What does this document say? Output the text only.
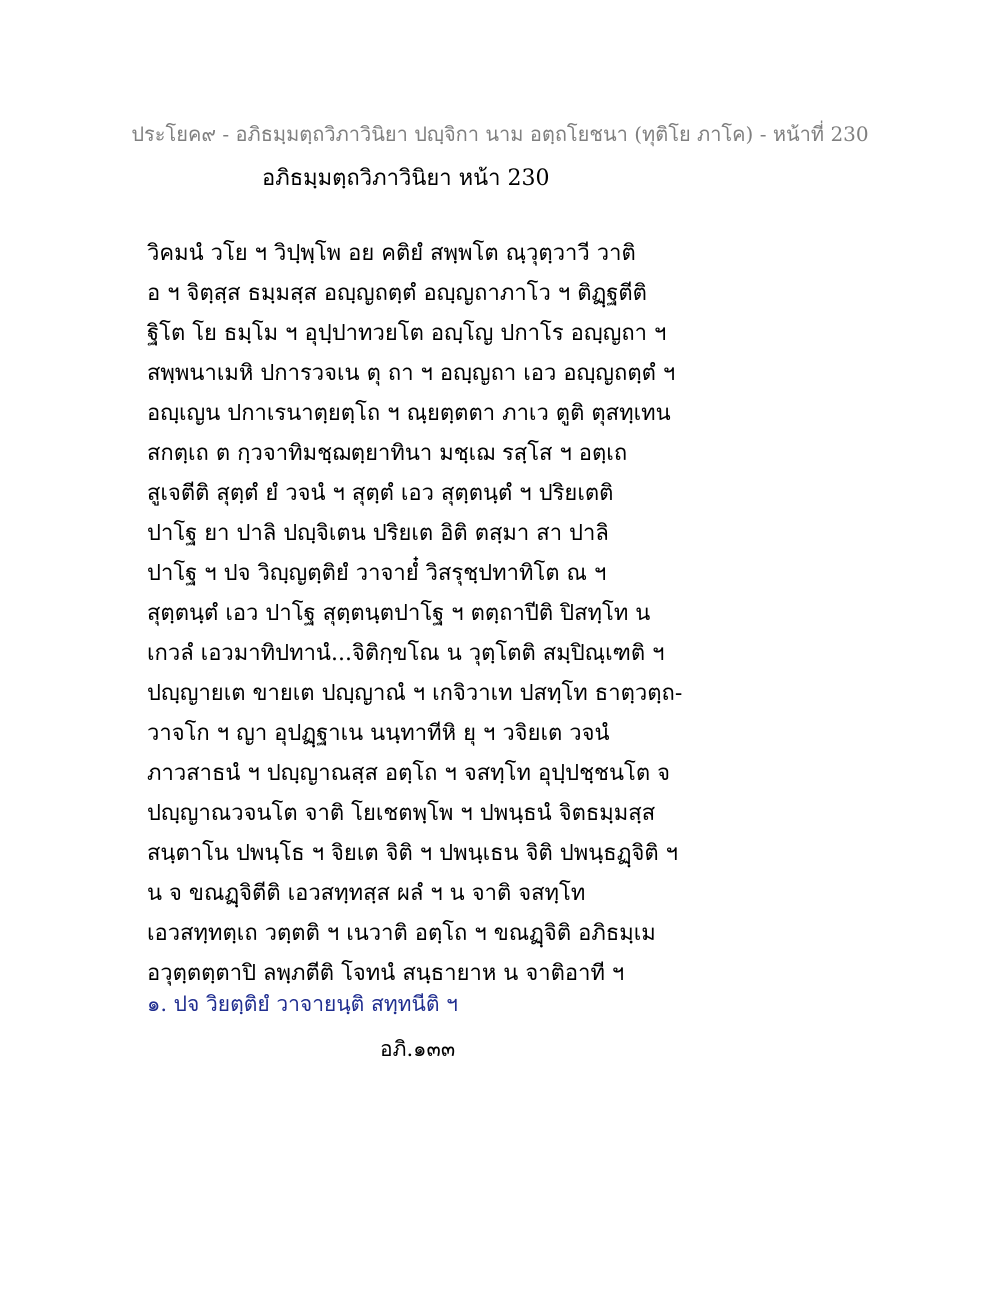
ประโยค๙ - อภิธมฺมตฺถวิภาวินิยา ปญฺจิกา นาม อตฺถโยชนา (ทุติโย ภาโค) - หน้าที่ 230
อภิธมฺมตฺถวิภาวินิยา หน้า 230
วิคมนํ วโย ฯ วิปฺพฺโพ อย คติยํ สพฺพโต ณฺวุตฺวาวี วาติ
อ ฯ จิตฺสฺส ธมฺมสฺส อญฺญถตฺตํ อญฺญถาภาโว ฯ ติฏฺฐตีติ
ฐิโต โย ธมฺโม ฯ อุปฺปาทวยโต อญฺโญ ปกาโร อญฺญถา ฯ
สพฺพนาเมหิ ปการวจเน ตุ ถา ฯ อญฺญถา เอว อญฺญถตฺตํ ฯ
อญฺเญน ปกาเรนาตฺยตฺโถ ฯ ณฺยตฺตตา ภาเว ตูติ ตุสทฺเทน
สกตฺเถ ต กฺวจาทิมชฺฌตฺยาทินา มชฺเฌ รสฺโส ฯ อตฺเถ
สูเจตีติ สุตฺตํ ยํ วจนํ ฯ สุตฺตํ เอว สุตฺตนฺตํ ฯ ปริยเตติ
ปาโฐ ยา ปาลิ ปญฺจิเตน ปริยเต อิติ ตสฺมา สา ปาลิ
ปาโฐ ฯ ปจ วิญฺญตฺติยํ วาจายํ๋ วิสรุชฺปทาทิโต ณ ฯ
สุตฺตนฺตํ เอว ปาโฐ สุตฺตนฺตปาโฐ ฯ ตตฺถาปีติ ปิสทฺโท น
เกวลํ เอวมาทิปทานํ...จิติกฺขโณ น วุตฺโตติ สมฺปิณฺเฑติ ฯ
ปญฺญายเต ขายเต ปญฺญาณํ ฯ เกจิวาเท ปสทฺโท ธาตฺวตฺถ-
วาจโก ฯ ญา อุปฏฺฐาเน นนฺทาทีหิ ยุ ฯ วจิยเต วจนํ
ภาวสาธนํ ฯ ปญฺญาณสฺส อตฺโถ ฯ จสทฺโท อุปฺปชฺชนโต จ
ปญฺญาณวจนโต จาติ โยเชตพฺโพ ฯ ปพนฺธนํ จิตธมฺมสฺส
สนฺตาโน ปพนฺโธ ฯ จิยเต จิติ ฯ ปพนฺเธน จิติ ปพนฺธฏฺจิติ ฯ
น จ ขณฏฺจิตีติ เอวสทฺทสฺส ผลํ ฯ น จาติ จสทฺโท
เอวสทฺทตฺเถ วตฺตติ ฯ เนวาติ อตฺโถ ฯ ขณฏฺจิติ อภิธมฺเม
อวุตฺตตฺตาปิ ลพฺภตีติ โจทนํ สนฺธายาห น จาติอาที ฯ
๑. ปจ วิยตฺติยํ วาจายนฺติ สทฺทนีติ ฯ
อภิ.๑๓๓
